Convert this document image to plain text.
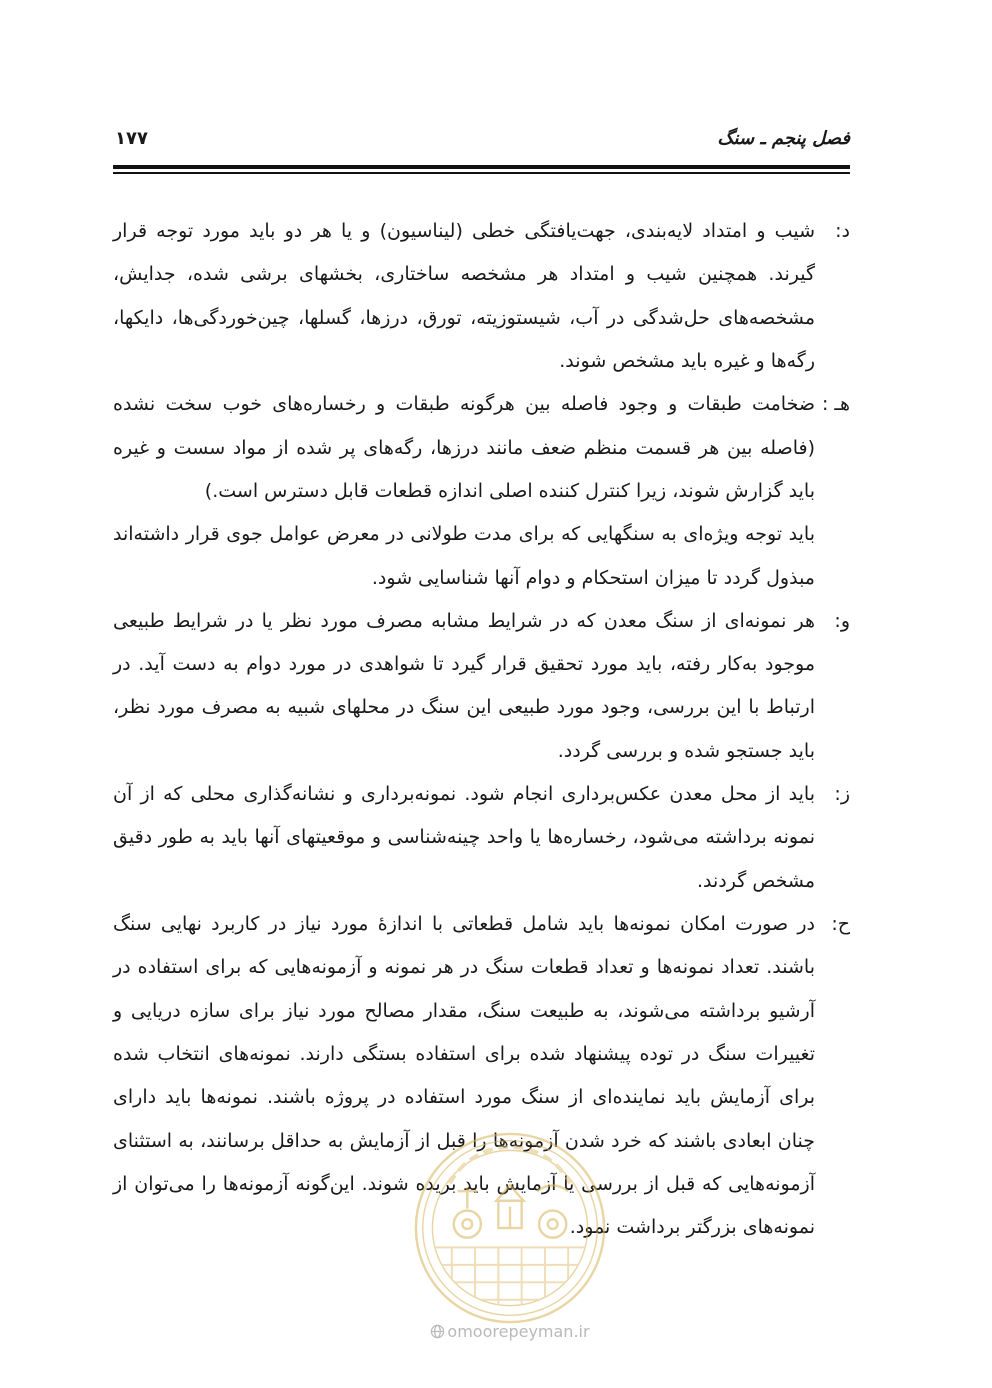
فصل پنجم ـ سنگ
۱۷۷

د:
شیب و امتداد لایه‌بندی، جهت‌یافتگی خطی (لیناسیون) و یا هر دو باید مورد توجه قرار گیرند. همچنین شیب و امتداد هر مشخصه ساختاری، بخشهای برشی شده، جدایش، مشخصه‌های حل‌شدگی در آب، شیستوزیته، تورق، درزها، گسلها، چین‌خوردگی‌ها، دایکها، رگه‌ها و غیره باید مشخص شوند.

هـ :
ضخامت طبقات و وجود فاصله بین هرگونه طبقات و رخساره‌های خوب سخت نشده (فاصله بین هر قسمت منظم ضعف مانند درزها، رگه‌های پر شده از مواد سست و غیره باید گزارش شوند، زیرا کنترل کننده اصلی اندازه قطعات قابل دسترس است.)

باید توجه ویژه‌ای به سنگهایی که برای مدت طولانی در معرض عوامل جوی قرار داشته‌اند مبذول گردد تا میزان استحکام و دوام آنها شناسایی شود.

و:
هر نمونه‌ای از سنگ معدن که در شرایط مشابه مصرف مورد نظر یا در شرایط طبیعی موجود به‌کار رفته، باید مورد تحقیق قرار گیرد تا شواهدی در مورد دوام به دست آید. در ارتباط با این بررسی، وجود مورد طبیعی این سنگ در محلهای شبیه به مصرف مورد نظر، باید جستجو شده و بررسی گردد.

ز:
باید از محل معدن عکس‌برداری انجام شود. نمونه‌برداری و نشانه‌گذاری محلی که از آن نمونه برداشته می‌شود، رخساره‌ها یا واحد چینه‌شناسی و موقعیتهای آنها باید به طور دقیق مشخص گردند.

ح:
در صورت امکان نمونه‌ها باید شامل قطعاتی با اندازۀ مورد نیاز در کاربرد نهایی سنگ باشند. تعداد نمونه‌ها و تعداد قطعات سنگ در هر نمونه و آزمونه‌هایی که برای استفاده در آرشیو برداشته می‌شوند، به طبیعت سنگ، مقدار مصالح مورد نیاز برای سازه دریایی و تغییرات سنگ در توده پیشنهاد شده برای استفاده بستگی دارند. نمونه‌های انتخاب شده برای آزمایش باید نماینده‌ای از سنگ مورد استفاده در پروژه باشند. نمونه‌ها باید دارای چنان ابعادی باشند که خرد شدن آزمونه‌ها را قبل از آزمایش به حداقل برسانند، به استثنای آزمونه‌هایی که قبل از بررسی یا آزمایش باید بریده شوند. این‌گونه آزمونه‌ها را می‌توان از نمونه‌های بزرگتر برداشت نمود.

omoorepeyman.ir
